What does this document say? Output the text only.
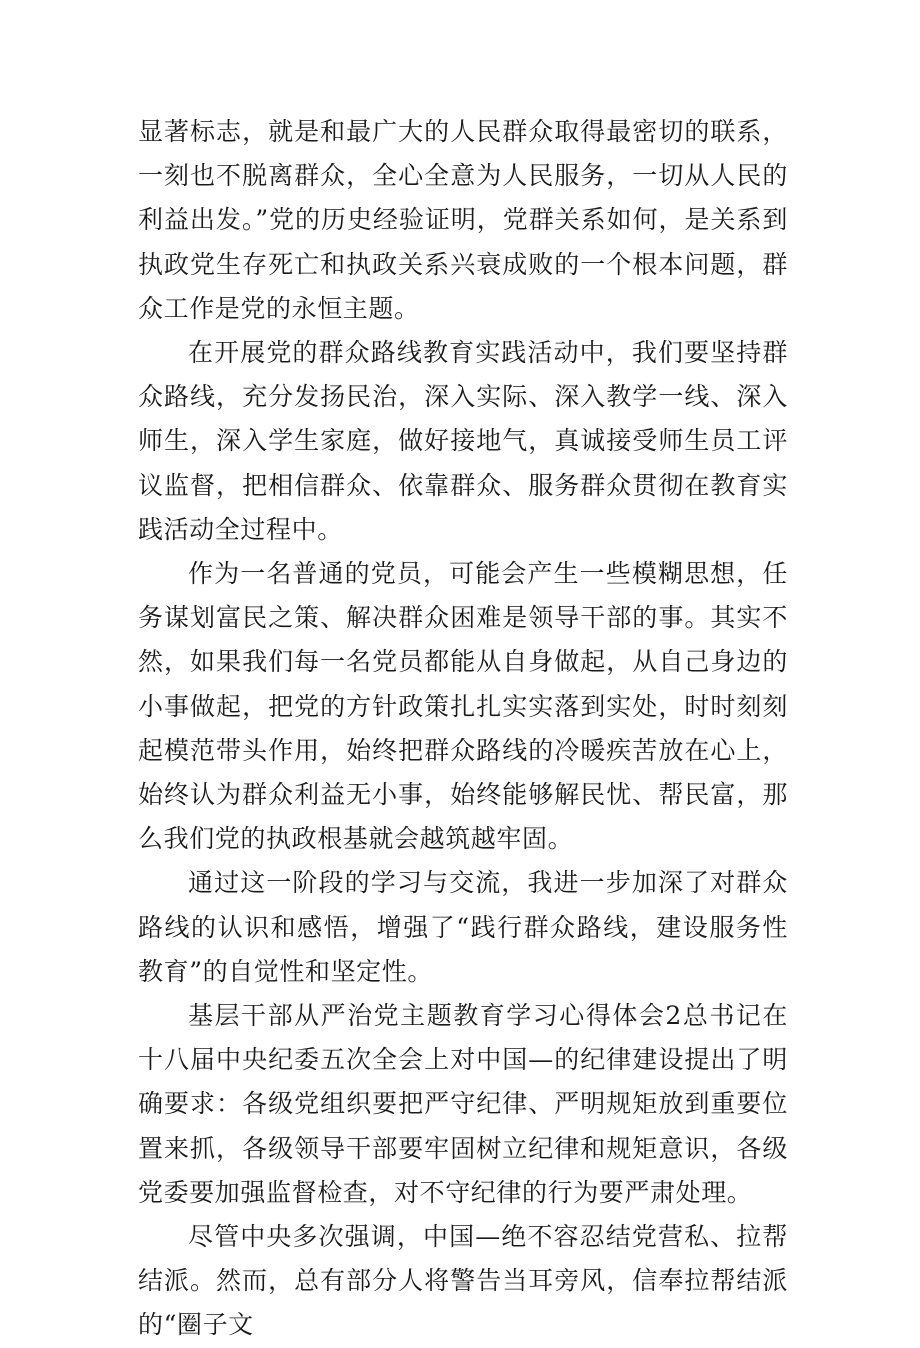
显著标志，就是和最广大的人民群众取得最密切的联系，一刻也不脱离群众，全心全意为人民服务，一切从人民的利益出发。”党的历史经验证明，党群关系如何，是关系到执政党生存死亡和执政关系兴衰成败的一个根本问题，群众工作是党的永恒主题。

在开展党的群众路线教育实践活动中，我们要坚持群众路线，充分发扬民治，深入实际、深入教学一线、深入师生，深入学生家庭，做好接地气，真诚接受师生员工评议监督，把相信群众、依靠群众、服务群众贯彻在教育实践活动全过程中。

作为一名普通的党员，可能会产生一些模糊思想，任务谋划富民之策、解决群众困难是领导干部的事。其实不然，如果我们每一名党员都能从自身做起，从自己身边的小事做起，把党的方针政策扎扎实实落到实处，时时刻刻起模范带头作用，始终把群众路线的冷暖疾苦放在心上，始终认为群众利益无小事，始终能够解民忧、帮民富，那么我们党的执政根基就会越筑越牢固。

通过这一阶段的学习与交流，我进一步加深了对群众路线的认识和感悟，增强了“践行群众路线，建设服务性教育”的自觉性和坚定性。

基层干部从严治党主题教育学习心得体会2总书记在十八届中央纪委五次全会上对中国—的纪律建设提出了明确要求：各级党组织要把严守纪律、严明规矩放到重要位置来抓，各级领导干部要牢固树立纪律和规矩意识，各级党委要加强监督检查，对不守纪律的行为要严肃处理。

尽管中央多次强调，中国—绝不容忍结党营私、拉帮结派。然而，总有部分人将警告当耳旁风，信奉拉帮结派的“圈子文
